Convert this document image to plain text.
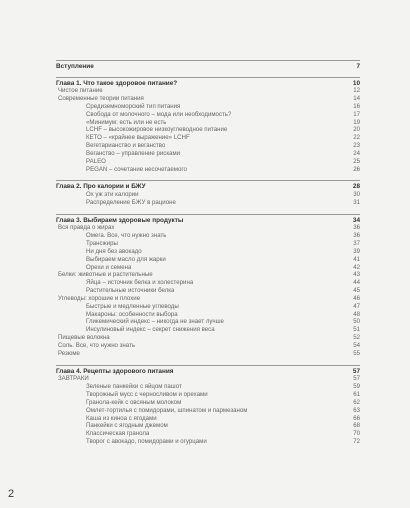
Вступление	7
Глава 1. Что такое здоровое питание?	10
Чистое питание	12
Современные теории питания	14
Средиземноморский тип питания	16
Свобода от молочного – мода или необходимость?	17
«Минимум: есть или не есть	19
LCHF – высокожировое низкоуглеводное питание	20
КЕТО – «крайнее выражение» LCHF	22
Вегетарианство и веганство	23
Веганство – управление рисками	24
PALEO	25
PEGAN – сочетание несочетаемого	26
Глава 2. Про калории и БЖУ	28
Ох уж эти калории	30
Распределение БЖУ в рационе	31
Глава 3. Выбираем здоровые продукты	34
Вся правда о жирах	36
Омега. Все, что нужно знать	36
Трансжиры	37
Ни дня без авокадо	39
Выбираем масло для жарки	41
Орехи и семена	42
Белки: животные и растительные	43
Яйца – источник белка и холестерина	44
Растительные источники белка	45
Углеводы: хорошие и плохие	46
Быстрые и медленные углеводы	47
Макароны: особенности выбора	48
Гликемический индекс – никогда не знает лучше	50
Инсулиновый индекс – секрет снижения веса	51
Пищевые волокна	52
Соль. Все, что нужно знать	54
Резюме	55
Глава 4. Рецепты здорового питания	57
ЗАВТРАКИ	57
Зеленые панкейки с яйцом пашот	59
Творожный мусс с черносливом и орехами	61
Гранола-кейк с овсяным молоком	62
Омлет-тортилья с помидорами, шпинатом и пармезаном	63
Каша из киноа с ягодами	66
Панкейки с ягодным джемом	68
Классическая гранола	70
Творог с авокадо, помидорами и огурцами	72
2
